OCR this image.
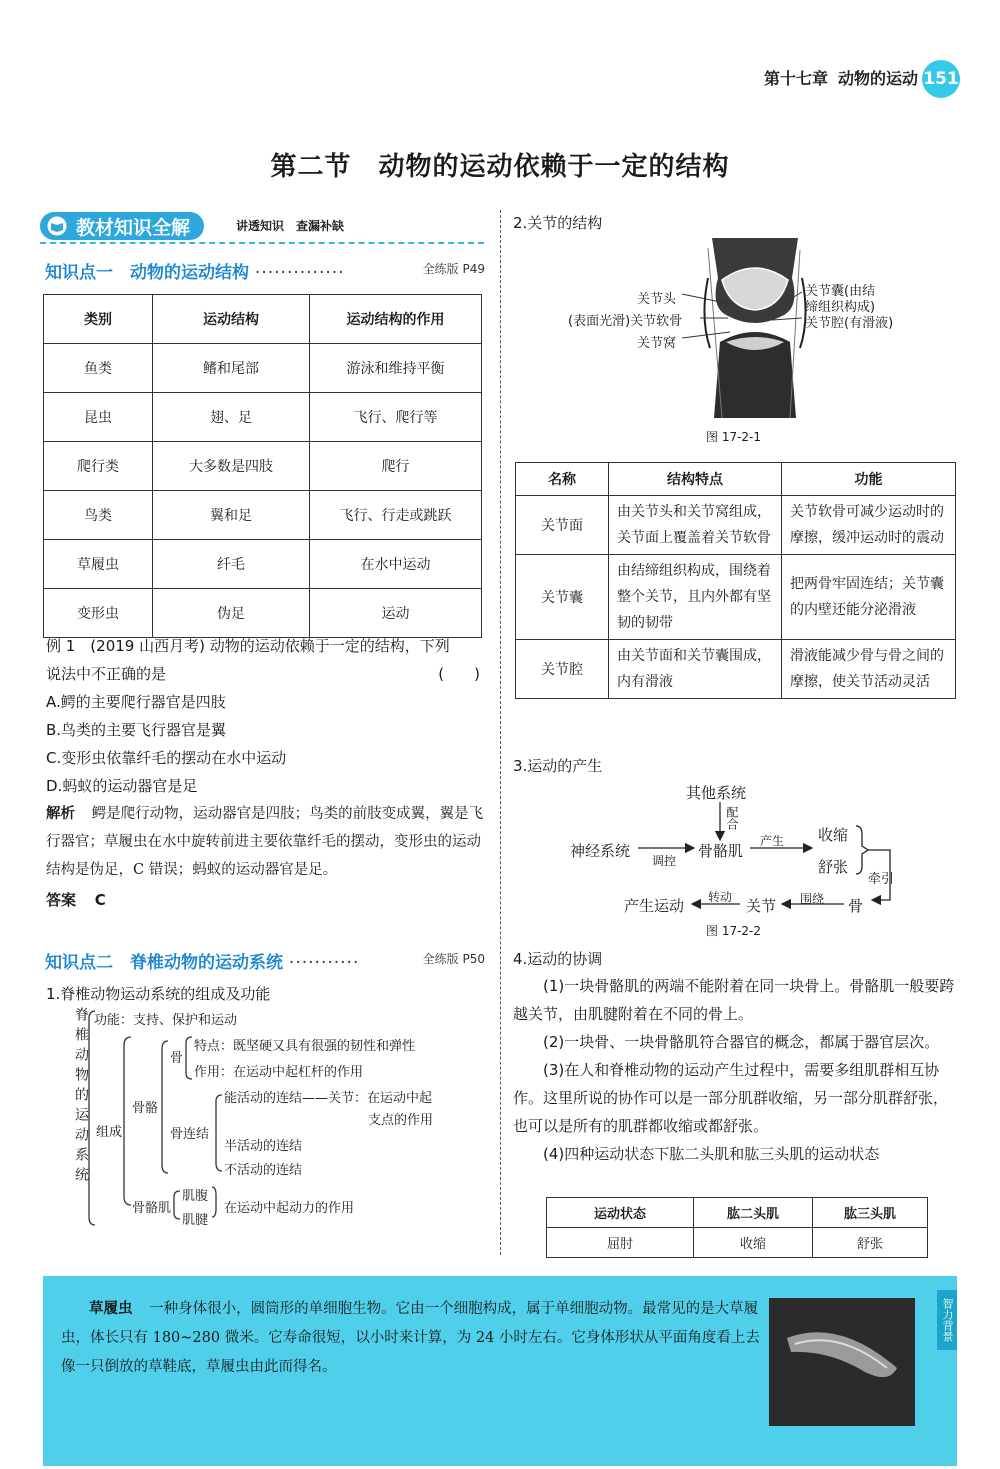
第十七章 动物的运动 151
第二节　动物的运动依赖于一定的结构
教材知识全解	讲透知识　查漏补缺
知识点一　动物的运动结构 ··············	全练版 P49
类别	运动结构	运动结构的作用
鱼类	鳍和尾部	游泳和维持平衡
昆虫	翅、足	飞行、爬行等
爬行类	大多数是四肢	爬行
鸟类	翼和足	飞行、行走或跳跃
草履虫	纤毛	在水中运动
变形虫	伪足	运动
例 1　(2019 山西月考) 动物的运动依赖于一定的结构，下列
说法中不正确的是	(　　)
A.鳄的主要爬行器官是四肢
B.鸟类的主要飞行器官是翼
C.变形虫依靠纤毛的摆动在水中运动
D.蚂蚁的运动器官是足
解析 鳄是爬行动物，运动器官是四肢；鸟类的前肢变成翼，翼是飞行器官；草履虫在水中旋转前进主要依靠纤毛的摆动，变形虫的运动结构是伪足，C 错误；蚂蚁的运动器官是足。
答案 C
知识点二　脊椎动物的运动系统 ···········	全练版 P50
1.脊椎动物运动系统的组成及功能
脊椎动物的运动系统 功能：支持、保护和运动
组成
骨骼
骨
特点：既坚硬又具有很强的韧性和弹性
作用：在运动中起杠杆的作用
骨连结
能活动的连结——关节：在运动中起
支点的作用
半活动的连结
不活动的连结
骨骼肌
肌腹
肌腱
在运动中起动力的作用
2.关节的结构
关节头
(表面光滑)关节软骨
关节窝
关节囊(由结
缔组织构成)
关节腔(有滑液)
图 17-2-1
名称	结构特点	功能
关节面	由关节头和关节窝组成，关节面上覆盖着关节软骨	关节软骨可减少运动时的摩擦，缓冲运动时的震动
关节囊	由结缔组织构成，围绕着整个关节，且内外都有坚韧的韧带	把两骨牢固连结；关节囊的内壁还能分泌滑液
关节腔	由关节面和关节囊围成，内有滑液	滑液能减少骨与骨之间的摩擦，使关节活动灵活
3.运动的产生
其他系统
配合
神经系统
调控
骨骼肌
产生 收缩
舒张
牵引
骨
围绕
关节
转动
产生运动
图 17-2-2
4.运动的协调
(1)一块骨骼肌的两端不能附着在同一块骨上。骨骼肌一般要跨越关节，由肌腱附着在不同的骨上。
(2)一块骨、一块骨骼肌符合器官的概念，都属于器官层次。
(3)在人和脊椎动物的运动产生过程中，需要多组肌群相互协作。这里所说的协作可以是一部分肌群收缩，另一部分肌群舒张，也可以是所有的肌群都收缩或都舒张。
(4)四种运动状态下肱二头肌和肱三头肌的运动状态
运动状态	肱二头肌	肱三头肌
屈肘	收缩	舒张
草履虫 一种身体很小，圆筒形的单细胞生物。它由一个细胞构成，属于单细胞动物。最常见的是大草履虫，体长只有 180~280 微米。它寿命很短，以小时来计算，为 24 小时左右。它身体形状从平面角度看上去像一只倒放的草鞋底，草履虫由此而得名。
智力背景
